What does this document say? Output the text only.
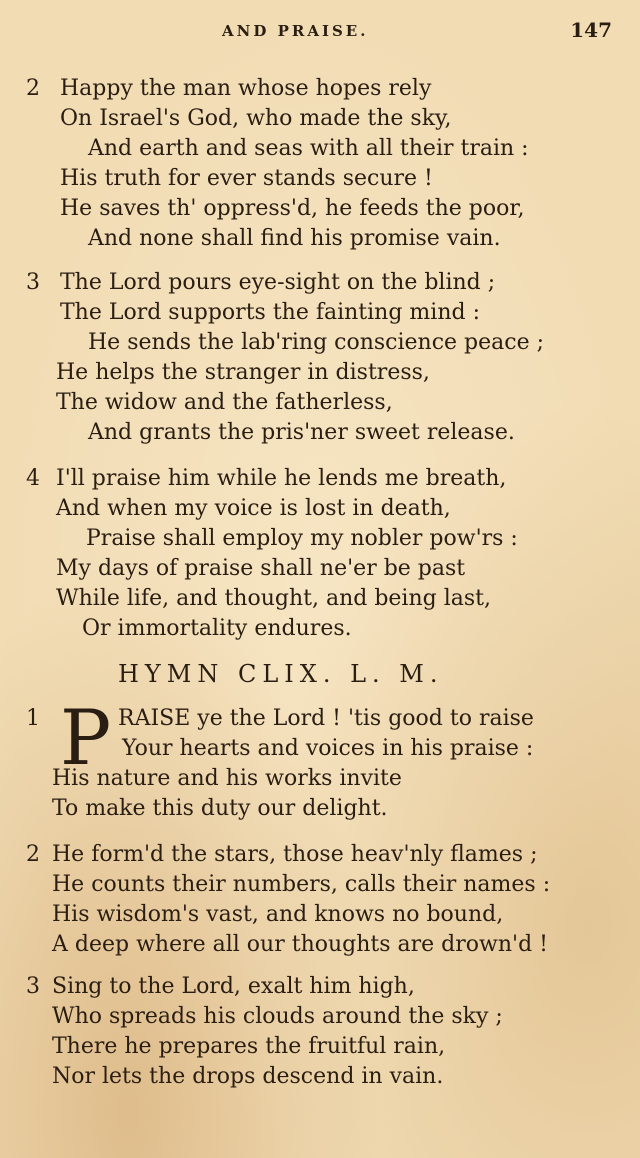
AND PRAISE.	147
2 Happy the man whose hopes rely
On Israel's God, who made the sky,
And earth and seas with all their train :
His truth for ever stands secure !
He saves th' oppress'd, he feeds the poor,
And none shall find his promise vain.
3 The Lord pours eye-sight on the blind ;
The Lord supports the fainting mind :
He sends the lab'ring conscience peace ;
He helps the stranger in distress,
The widow and the fatherless,
And grants the pris'ner sweet release.
4 I'll praise him while he lends me breath,
And when my voice is lost in death,
Praise shall employ my nobler pow'rs :
My days of praise shall ne'er be past
While life, and thought, and being last,
Or immortality endures.
HYMN CLIX. L. M.
1 P RAISE ye the Lord ! 'tis good to raise
Your hearts and voices in his praise :
His nature and his works invite
To make this duty our delight.
2 He form'd the stars, those heav'nly flames ;
He counts their numbers, calls their names :
His wisdom's vast, and knows no bound,
A deep where all our thoughts are drown'd !
3 Sing to the Lord, exalt him high,
Who spreads his clouds around the sky ;
There he prepares the fruitful rain,
Nor lets the drops descend in vain.
